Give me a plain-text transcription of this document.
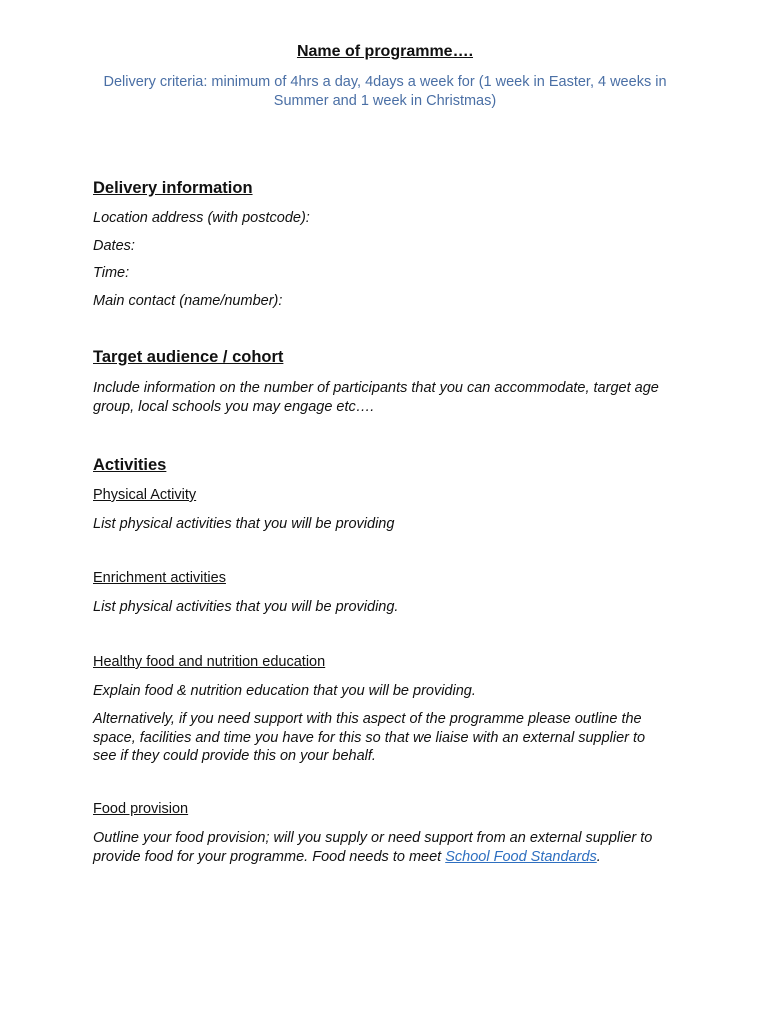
Name of programme….

Delivery criteria: minimum of 4hrs a day, 4days a week for (1 week in Easter, 4 weeks in Summer and 1 week in Christmas)

Delivery information

Location address (with postcode):

Dates:

Time:

Main contact (name/number):

Target audience / cohort

Include information on the number of participants that you can accommodate, target age group, local schools you may engage etc….

Activities

Physical Activity

List physical activities that you will be providing

Enrichment activities

List physical activities that you will be providing.

Healthy food and nutrition education

Explain food & nutrition education that you will be providing.

Alternatively, if you need support with this aspect of the programme please outline the space, facilities and time you have for this so that we liaise with an external supplier to see if they could provide this on your behalf.

Food provision

Outline your food provision; will you supply or need support from an external supplier to provide food for your programme. Food needs to meet School Food Standards.
